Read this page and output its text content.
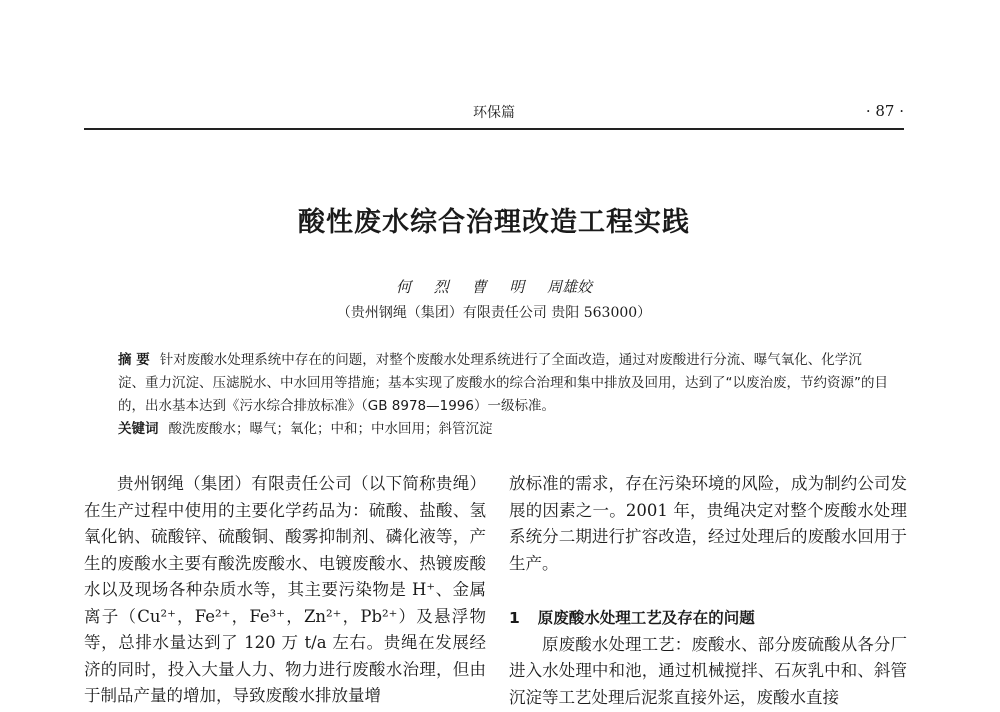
环保篇	· 87 ·
酸性废水综合治理改造工程实践
何 烈 曹 明 周雄姣
（贵州钢绳（集团）有限责任公司 贵阳 563000）

摘 要 针对废酸水处理系统中存在的问题，对整个废酸水处理系统进行了全面改造，通过对废酸进行分流、曝气氧化、化学沉淀、重力沉淀、压滤脱水、中水回用等措施；基本实现了废酸水的综合治理和集中排放及回用，达到了“以废治废，节约资源”的目的，出水基本达到《污水综合排放标准》（GB 8978—1996）一级标准。

关键词 酸洗废酸水；曝气；氧化；中和；中水回用；斜管沉淀

贵州钢绳（集团）有限责任公司（以下简称贵绳）在生产过程中使用的主要化学药品为：硫酸、盐酸、氢氧化钠、硫酸锌、硫酸铜、酸雾抑制剂、磷化液等，产生的废酸水主要有酸洗废酸水、电镀废酸水、热镀废酸水以及现场各种杂质水等，其主要污染物是 H⁺、金属离子（Cu²⁺，Fe²⁺，Fe³⁺，Zn²⁺，Pb²⁺）及悬浮物等，总排水量达到了 120 万 t/a 左右。贵绳在发展经济的同时，投入大量人力、物力进行废酸水治理，但由于制品产量的增加，导致废酸水排放量增

放标准的需求，存在污染环境的风险，成为制约公司发展的因素之一。2001 年，贵绳决定对整个废酸水处理系统分二期进行扩容改造，经过处理后的废酸水回用于生产。

1 原废酸水处理工艺及存在的问题

原废酸水处理工艺：废酸水、部分废硫酸从各分厂进入水处理中和池，通过机械搅拌、石灰乳中和、斜管沉淀等工艺处理后泥浆直接外运，废酸水直接
